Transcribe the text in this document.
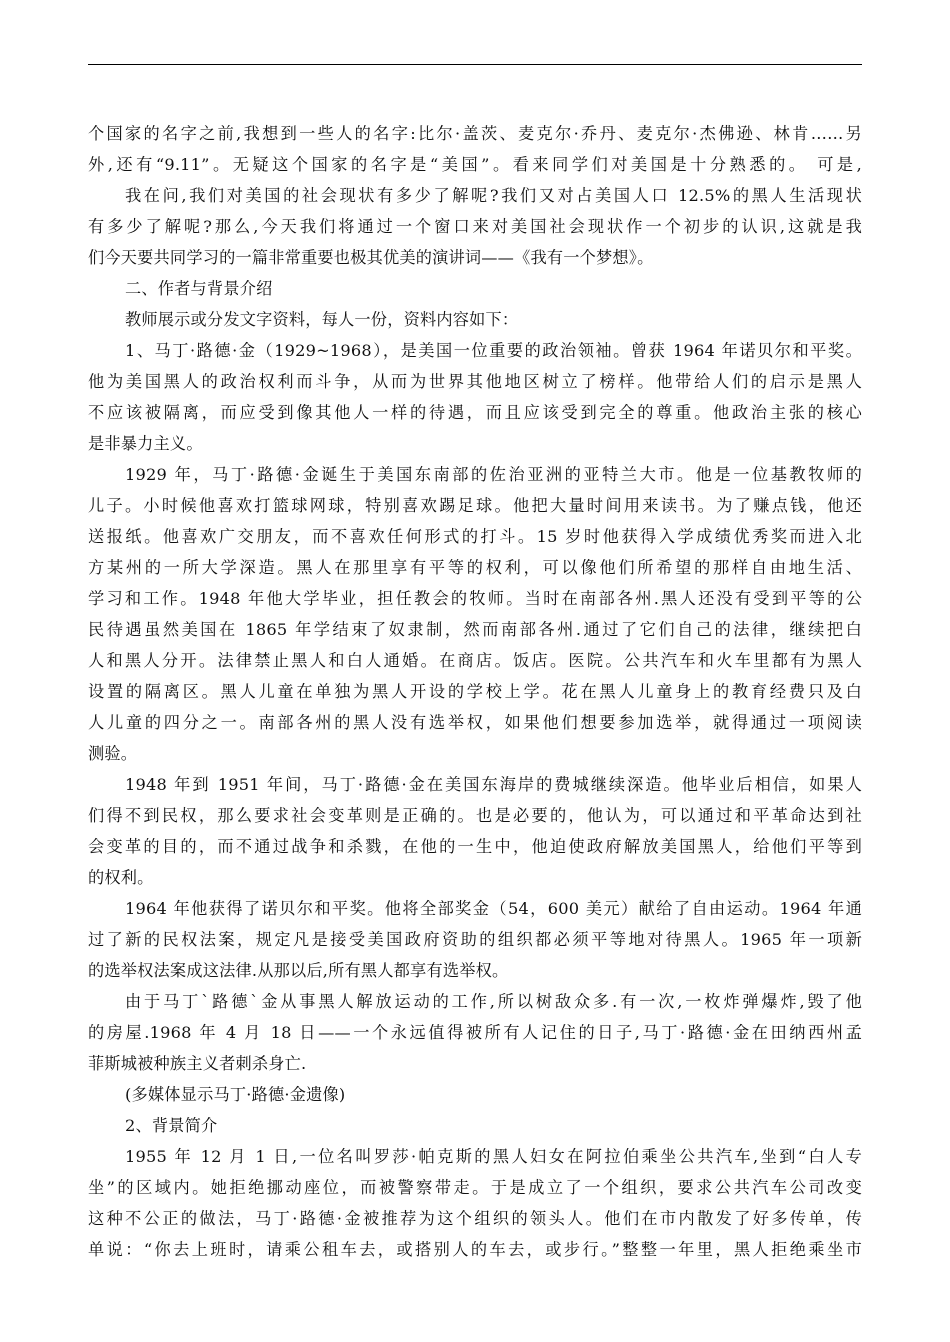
个国家的名字之前,我想到一些人的名字:比尔·盖茨、麦克尔·乔丹、麦克尔·杰佛逊、林肯……另
外,还有“9.11”。无疑这个国家的名字是“美国”。看来同学们对美国是十分熟悉的。 可是,
我在问,我们对美国的社会现状有多少了解呢?我们又对占美国人口 12.5%的黑人生活现状
有多少了解呢?那么,今天我们将通过一个窗口来对美国社会现状作一个初步的认识,这就是我
们今天要共同学习的一篇非常重要也极其优美的演讲词——《我有一个梦想》。
二、作者与背景介绍
教师展示或分发文字资料，每人一份，资料内容如下：
1、马丁·路德·金（1929~1968），是美国一位重要的政治领袖。曾获 1964 年诺贝尔和平奖。
他为美国黑人的政治权利而斗争，从而为世界其他地区树立了榜样。他带给人们的启示是黑人
不应该被隔离，而应受到像其他人一样的待遇，而且应该受到完全的尊重。他政治主张的核心
是非暴力主义。
1929 年，马丁·路德·金诞生于美国东南部的佐治亚洲的亚特兰大市。他是一位基教牧师的
儿子。小时候他喜欢打篮球网球，特别喜欢踢足球。他把大量时间用来读书。为了赚点钱，他还
送报纸。他喜欢广交朋友，而不喜欢任何形式的打斗。15 岁时他获得入学成绩优秀奖而进入北
方某州的一所大学深造。黑人在那里享有平等的权利，可以像他们所希望的那样自由地生活、
学习和工作。1948 年他大学毕业，担任教会的牧师。当时在南部各州.黑人还没有受到平等的公
民待遇虽然美国在 1865 年学结束了奴隶制，然而南部各州.通过了它们自己的法律，继续把白
人和黑人分开。法律禁止黑人和白人通婚。在商店。饭店。医院。公共汽车和火车里都有为黑人
设置的隔离区。黑人儿童在单独为黑人开设的学校上学。花在黑人儿童身上的教育经费只及白
人儿童的四分之一。南部各州的黑人没有选举权，如果他们想要参加选举，就得通过一项阅读
测验。
1948 年到 1951 年间，马丁·路德·金在美国东海岸的费城继续深造。他毕业后相信，如果人
们得不到民权，那么要求社会变革则是正确的。也是必要的，他认为，可以通过和平革命达到社
会变革的目的，而不通过战争和杀戮，在他的一生中，他迫使政府解放美国黑人，给他们平等到
的权利。
1964 年他获得了诺贝尔和平奖。他将全部奖金（54，600 美元）献给了自由运动。1964 年通
过了新的民权法案，规定凡是接受美国政府资助的组织都必须平等地对待黑人。1965 年一项新
的选举权法案成这法律.从那以后,所有黑人都享有选举权。
由于马丁`路德`金从事黑人解放运动的工作,所以树敌众多.有一次,一枚炸弹爆炸,毁了他
的房屋.1968 年 4 月 18 日——一个永远值得被所有人记住的日子,马丁·路德·金在田纳西州孟
菲斯城被种族主义者刺杀身亡.
(多媒体显示马丁·路德·金遗像)
2、背景简介
1955 年 12 月 1 日,一位名叫罗莎·帕克斯的黑人妇女在阿拉伯乘坐公共汽车,坐到“白人专
坐”的区域内。她拒绝挪动座位，而被警察带走。于是成立了一个组织，要求公共汽车公司改变
这种不公正的做法，马丁·路德·金被推荐为这个组织的领头人。他们在市内散发了好多传单，传
单说：“你去上班时，请乘公租车去，或搭别人的车去，或步行。”整整一年里，黑人拒绝乘坐市
